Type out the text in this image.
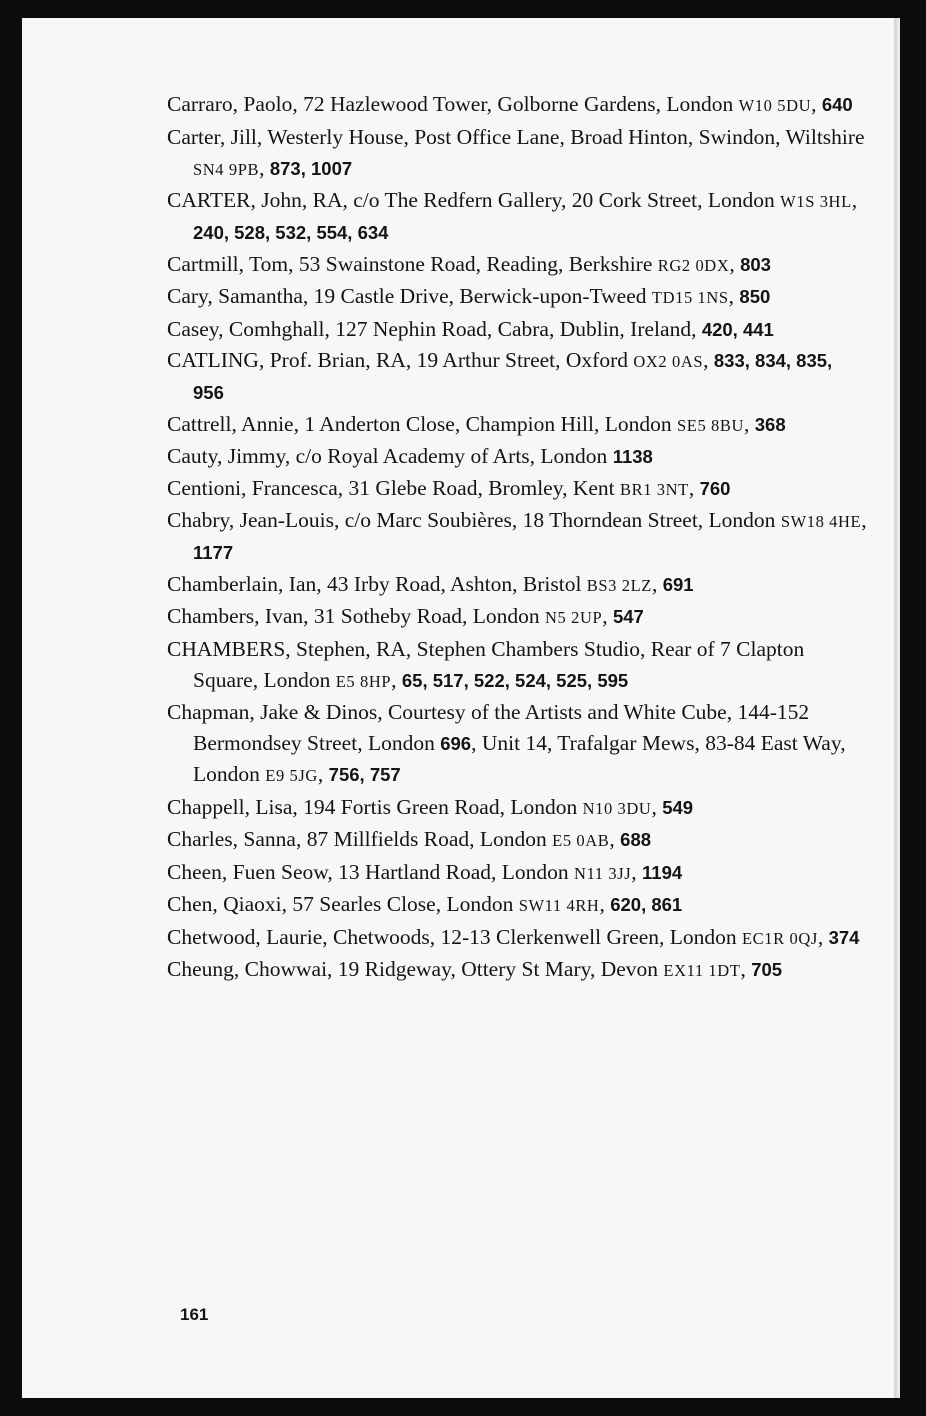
Carraro, Paolo, 72 Hazlewood Tower, Golborne Gardens, London W10 5DU, 640
Carter, Jill, Westerly House, Post Office Lane, Broad Hinton, Swindon, Wiltshire SN4 9PB, 873, 1007
CARTER, John, RA, c/o The Redfern Gallery, 20 Cork Street, London W1S 3HL, 240, 528, 532, 554, 634
Cartmill, Tom, 53 Swainstone Road, Reading, Berkshire RG2 0DX, 803
Cary, Samantha, 19 Castle Drive, Berwick-upon-Tweed TD15 1NS, 850
Casey, Comhghall, 127 Nephin Road, Cabra, Dublin, Ireland, 420, 441
CATLING, Prof. Brian, RA, 19 Arthur Street, Oxford OX2 0AS, 833, 834, 835, 956
Cattrell, Annie, 1 Anderton Close, Champion Hill, London SE5 8BU, 368
Cauty, Jimmy, c/o Royal Academy of Arts, London 1138
Centioni, Francesca, 31 Glebe Road, Bromley, Kent BR1 3NT, 760
Chabry, Jean-Louis, c/o Marc Soubières, 18 Thorndean Street, London SW18 4HE, 1177
Chamberlain, Ian, 43 Irby Road, Ashton, Bristol BS3 2LZ, 691
Chambers, Ivan, 31 Sotheby Road, London N5 2UP, 547
CHAMBERS, Stephen, RA, Stephen Chambers Studio, Rear of 7 Clapton Square, London E5 8HP, 65, 517, 522, 524, 525, 595
Chapman, Jake & Dinos, Courtesy of the Artists and White Cube, 144-152 Bermondsey Street, London 696, Unit 14, Trafalgar Mews, 83-84 East Way, London E9 5JG, 756, 757
Chappell, Lisa, 194 Fortis Green Road, London N10 3DU, 549
Charles, Sanna, 87 Millfields Road, London E5 0AB, 688
Cheen, Fuen Seow, 13 Hartland Road, London N11 3JJ, 1194
Chen, Qiaoxi, 57 Searles Close, London SW11 4RH, 620, 861
Chetwood, Laurie, Chetwoods, 12-13 Clerkenwell Green, London EC1R 0QJ, 374
Cheung, Chowwai, 19 Ridgeway, Ottery St Mary, Devon EX11 1DT, 705
161
